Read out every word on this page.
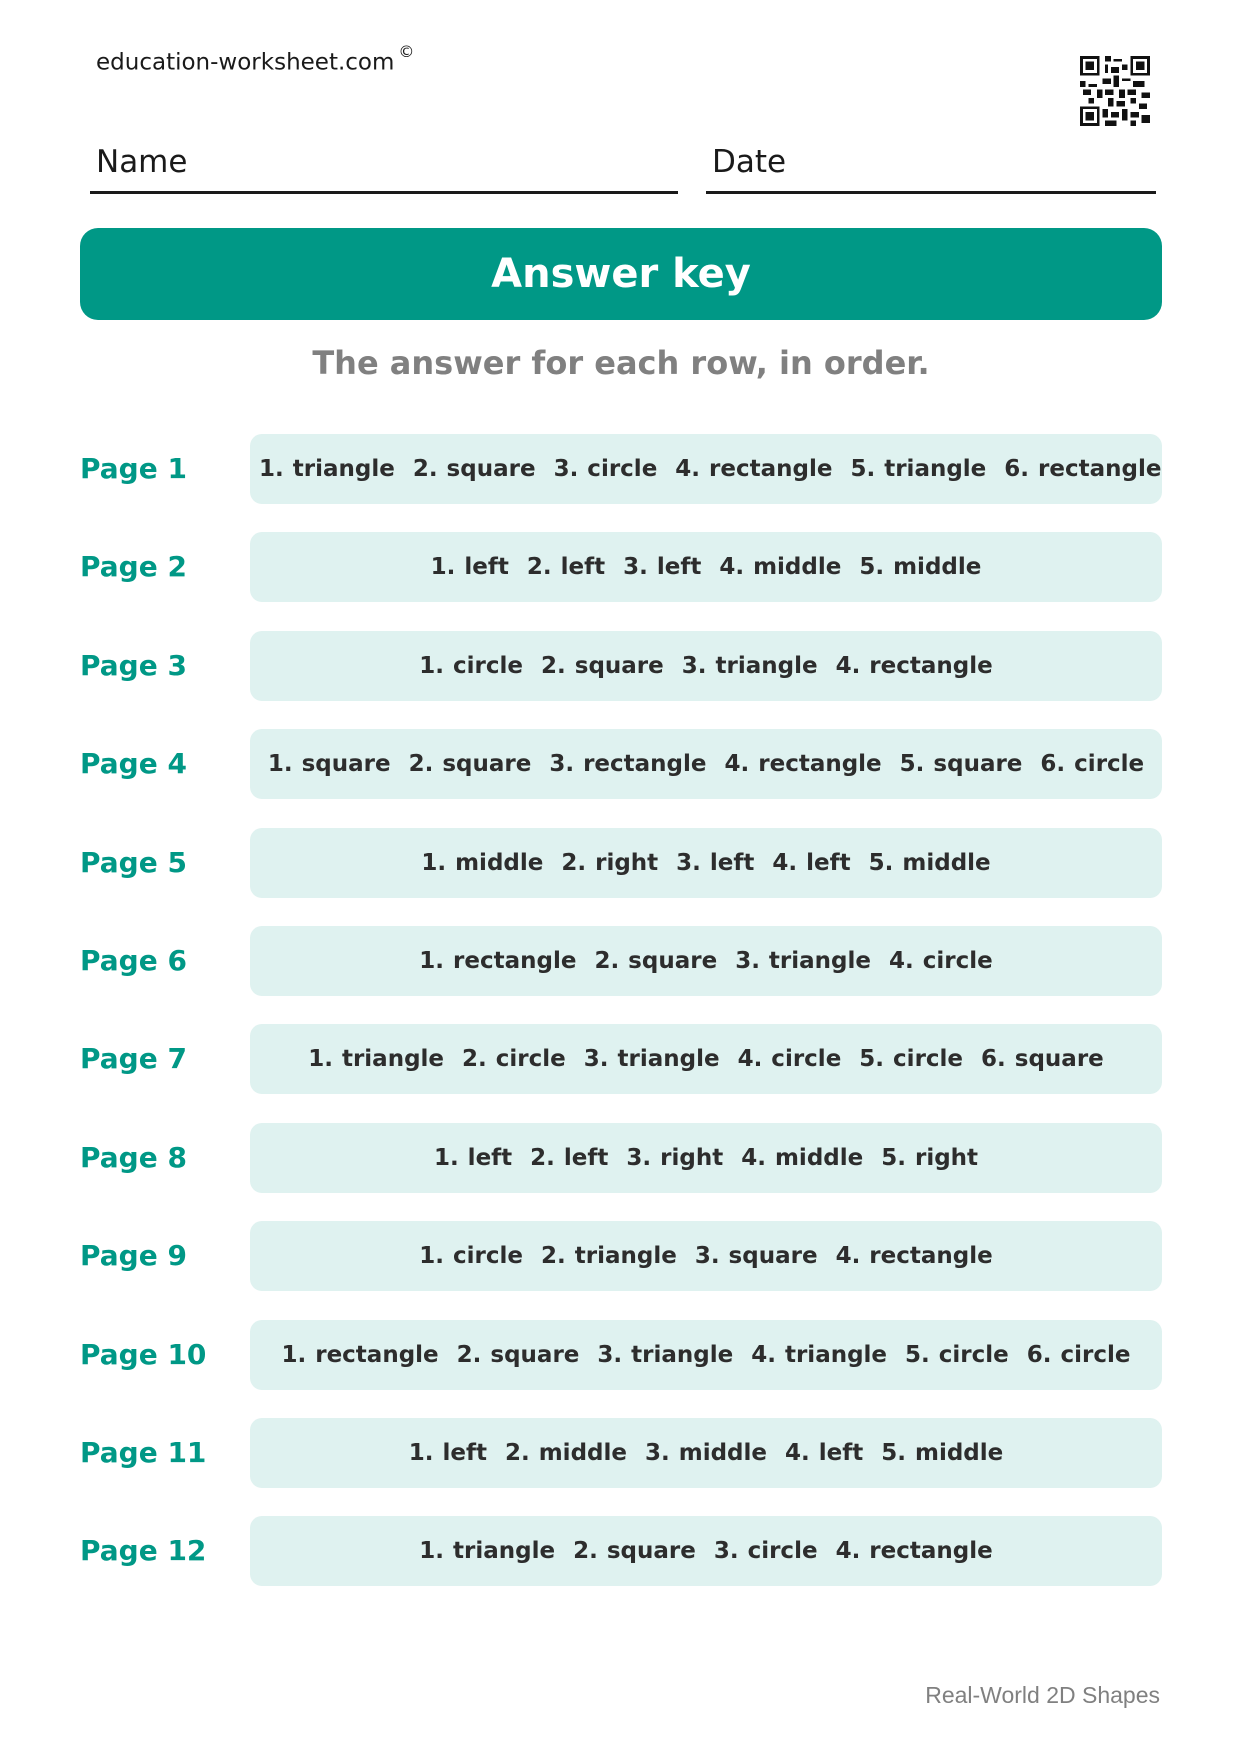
education-worksheet.com ©
Name	Date
Answer key
The answer for each row, in order.
Page 1	1. triangle 2. square 3. circle 4. rectangle 5. triangle 6. rectangle
Page 2	1. left 2. left 3. left 4. middle 5. middle
Page 3	1. circle 2. square 3. triangle 4. rectangle
Page 4	1. square 2. square 3. rectangle 4. rectangle 5. square 6. circle
Page 5	1. middle 2. right 3. left 4. left 5. middle
Page 6	1. rectangle 2. square 3. triangle 4. circle
Page 7	1. triangle 2. circle 3. triangle 4. circle 5. circle 6. square
Page 8	1. left 2. left 3. right 4. middle 5. right
Page 9	1. circle 2. triangle 3. square 4. rectangle
Page 10	1. rectangle 2. square 3. triangle 4. triangle 5. circle 6. circle
Page 11	1. left 2. middle 3. middle 4. left 5. middle
Page 12	1. triangle 2. square 3. circle 4. rectangle
Real-World 2D Shapes
